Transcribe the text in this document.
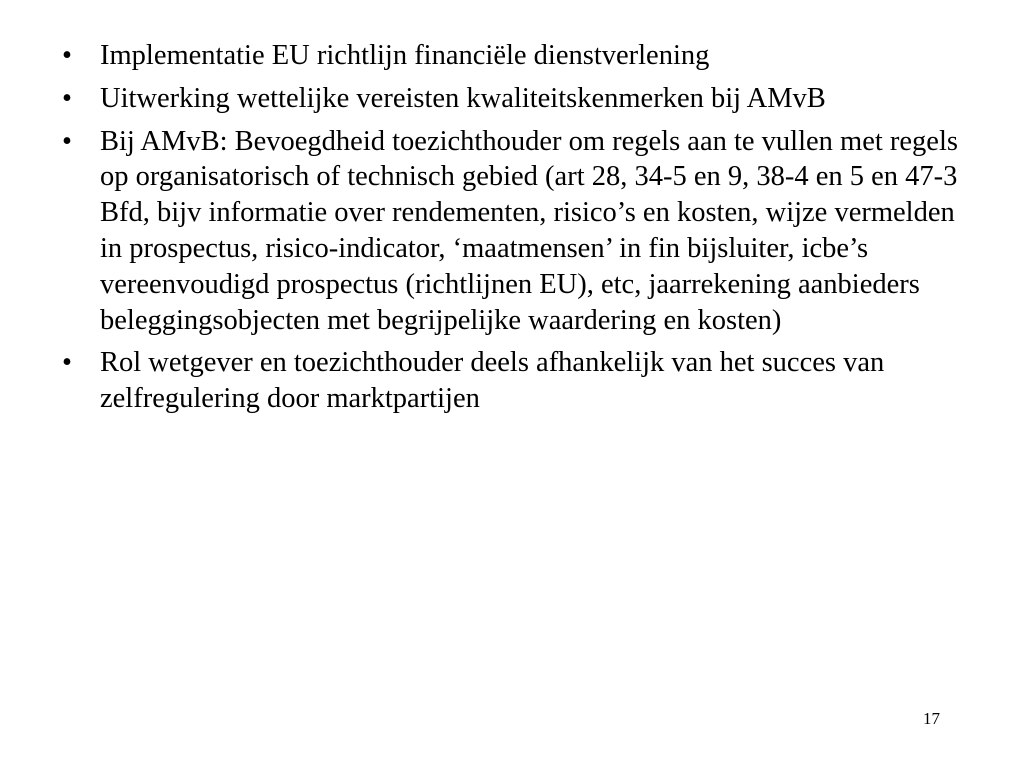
• Implementatie EU richtlijn financiële dienstverlening
• Uitwerking wettelijke vereisten kwaliteitskenmerken bij AMvB
• Bij AMvB: Bevoegdheid toezichthouder om regels aan te vullen met regels op organisatorisch of technisch gebied (art 28, 34-5 en 9, 38-4 en 5 en 47-3 Bfd, bijv informatie over rendementen, risico’s en kosten, wijze vermelden in prospectus, risico-indicator, ‘maatmensen’ in fin bijsluiter, icbe’s vereenvoudigd prospectus (richtlijnen EU), etc, jaarrekening aanbieders beleggingsobjecten met begrijpelijke waardering en kosten)
• Rol wetgever en toezichthouder deels afhankelijk van het succes van zelfregulering door marktpartijen
17
